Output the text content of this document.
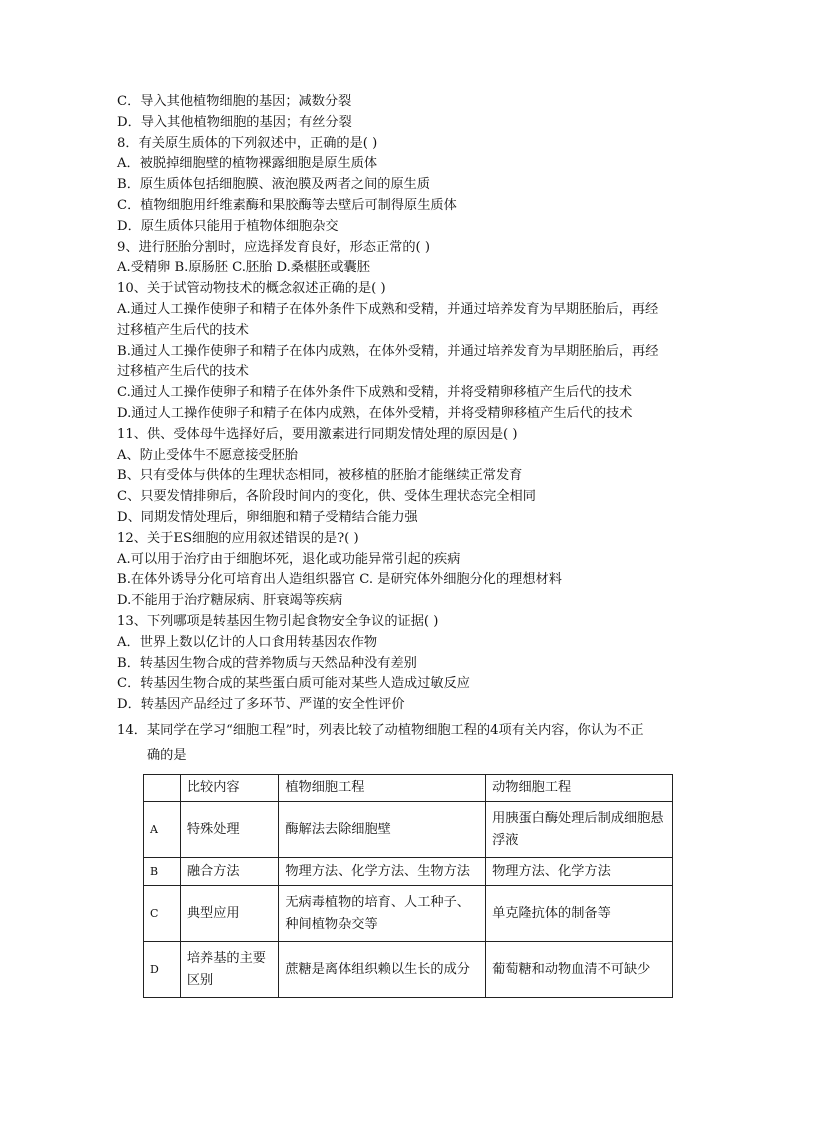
C．导入其他植物细胞的基因；减数分裂
D．导入其他植物细胞的基因；有丝分裂
8．有关原生质体的下列叙述中，正确的是( )
A．被脱掉细胞壁的植物裸露细胞是原生质体
B．原生质体包括细胞膜、液泡膜及两者之间的原生质
C．植物细胞用纤维素酶和果胶酶等去壁后可制得原生质体
D．原生质体只能用于植物体细胞杂交
9、进行胚胎分割时，应选择发育良好，形态正常的( )
A.受精卵 B.原肠胚 C.胚胎 D.桑椹胚或囊胚
10、关于试管动物技术的概念叙述正确的是( )
A.通过人工操作使卵子和精子在体外条件下成熟和受精，并通过培养发育为早期胚胎后，再经
过移植产生后代的技术
B.通过人工操作使卵子和精子在体内成熟，在体外受精，并通过培养发育为早期胚胎后，再经
过移植产生后代的技术
C.通过人工操作使卵子和精子在体外条件下成熟和受精，并将受精卵移植产生后代的技术
D.通过人工操作使卵子和精子在体内成熟，在体外受精，并将受精卵移植产生后代的技术
11、供、受体母牛选择好后，要用激素进行同期发情处理的原因是( )
A、防止受体牛不愿意接受胚胎
B、只有受体与供体的生理状态相同，被移植的胚胎才能继续正常发育
C、只要发情排卵后，各阶段时间内的变化，供、受体生理状态完全相同
D、同期发情处理后，卵细胞和精子受精结合能力强
12、关于ES细胞的应用叙述错误的是?( )
A.可以用于治疗由于细胞坏死，退化或功能异常引起的疾病
B.在体外诱导分化可培育出人造组织器官 C. 是研究体外细胞分化的理想材料
D.不能用于治疗糖尿病、肝衰竭等疾病
13、下列哪项是转基因生物引起食物安全争议的证据( )
A．世界上数以亿计的人口食用转基因农作物
B．转基因生物合成的营养物质与天然品种没有差别
C．转基因生物合成的某些蛋白质可能对某些人造成过敏反应
D．转基因产品经过了多环节、严谨的安全性评价
14．某同学在学习“细胞工程”时，列表比较了动植物细胞工程的4项有关内容，你认为不正
确的是
	比较内容	植物细胞工程	动物细胞工程
A	特殊处理	酶解法去除细胞壁	用胰蛋白酶处理后制成细胞悬浮液
B	融合方法	物理方法、化学方法、生物方法	物理方法、化学方法
C	典型应用	无病毒植物的培育、人工种子、种间植物杂交等	单克隆抗体的制备等
D	培养基的主要区别	蔗糖是离体组织赖以生长的成分	葡萄糖和动物血清不可缺少
